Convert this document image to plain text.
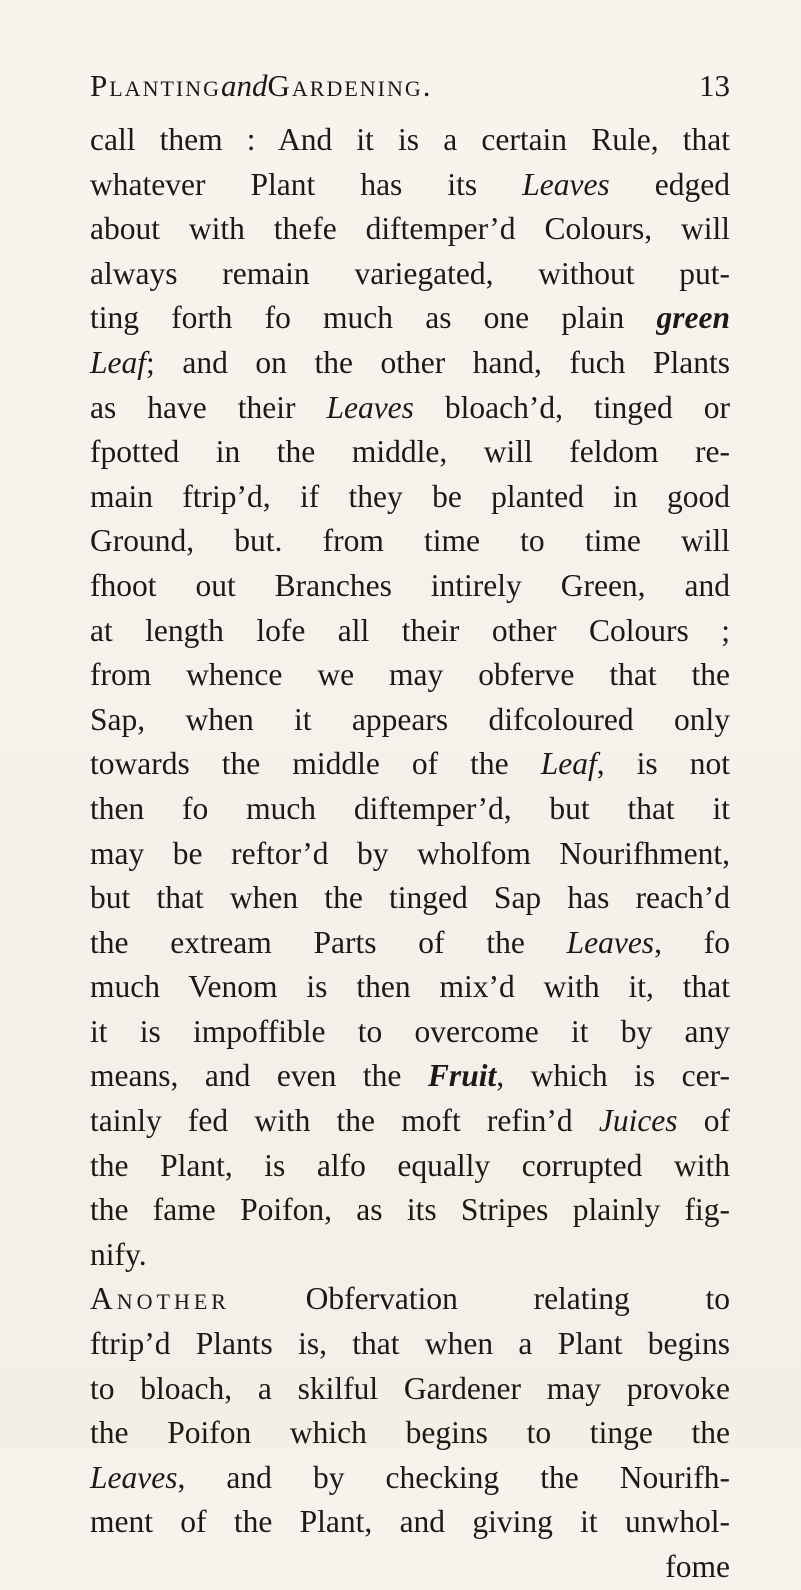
PlantingandGardening.	13
call them : And it is a certain Rule, that
whatever Plant has its Leaves edged
about with thefe diftemper’d Colours, will
always remain variegated, without put-
ting forth fo much as one plain green
Leaf; and on the other hand, fuch Plants
as have their Leaves bloach’d, tinged or
fpotted in the middle, will feldom re-
main ftrip’d, if they be planted in good
Ground, but. from time to time will
fhoot out Branches intirely Green, and
at length lofe all their other Colours ;
from whence we may obferve that the
Sap, when it appears difcoloured only
towards the middle of the Leaf, is not
then fo much diftemper’d, but that it
may be reftor’d by wholfom Nourifhment,
but that when the tinged Sap has reach’d
the extream Parts of the Leaves, fo
much Venom is then mix’d with it, that
it is impoffible to overcome it by any
means, and even the Fruit, which is cer-
tainly fed with the moft refin’d Juices of
the Plant, is alfo equally corrupted with
the fame Poifon, as its Stripes plainly fig-
nify.
Another Obfervation relating to
ftrip’d Plants is, that when a Plant begins
to bloach, a skilful Gardener may provoke
the Poifon which begins to tinge the
Leaves, and by checking the Nourifh-
ment of the Plant, and giving it unwhol-
fome
